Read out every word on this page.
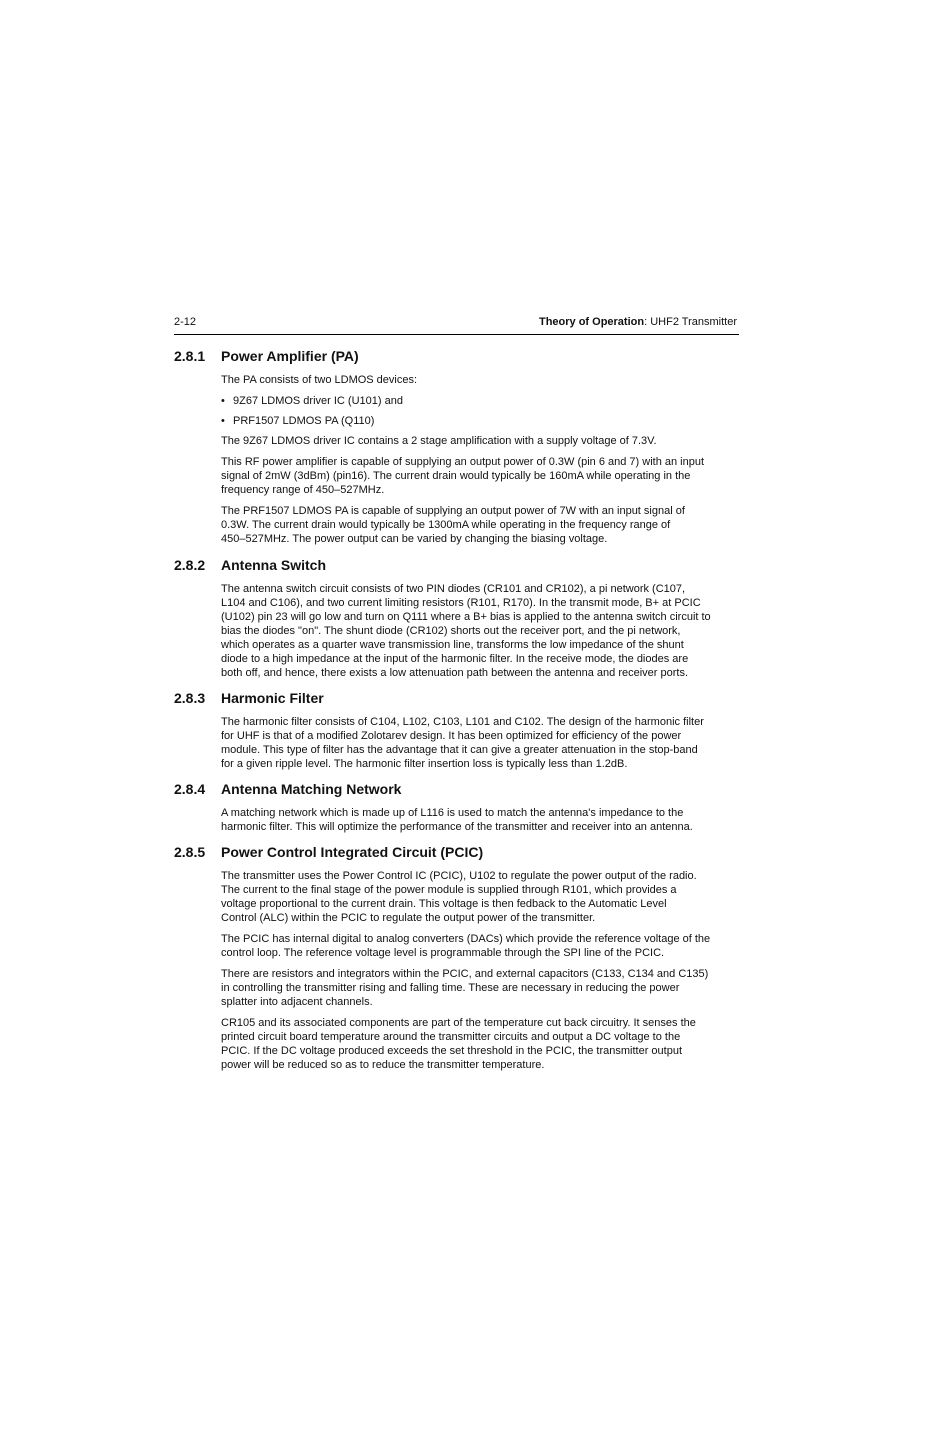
2-12	Theory of Operation: UHF2 Transmitter
2.8.1 Power Amplifier (PA)

The PA consists of two LDMOS devices:

• 9Z67 LDMOS driver IC (U101) and
• PRF1507 LDMOS PA (Q110)

The 9Z67 LDMOS driver IC contains a 2 stage amplification with a supply voltage of 7.3V.

This RF power amplifier is capable of supplying an output power of 0.3W (pin 6 and 7) with an input
signal of 2mW (3dBm) (pin16). The current drain would typically be 160mA while operating in the
frequency range of 450–527MHz.

The PRF1507 LDMOS PA is capable of supplying an output power of 7W with an input signal of
0.3W. The current drain would typically be 1300mA while operating in the frequency range of
450–527MHz. The power output can be varied by changing the biasing voltage.

2.8.2 Antenna Switch

The antenna switch circuit consists of two PIN diodes (CR101 and CR102), a pi network (C107,
L104 and C106), and two current limiting resistors (R101, R170). In the transmit mode, B+ at PCIC
(U102) pin 23 will go low and turn on Q111 where a B+ bias is applied to the antenna switch circuit to
bias the diodes "on". The shunt diode (CR102) shorts out the receiver port, and the pi network,
which operates as a quarter wave transmission line, transforms the low impedance of the shunt
diode to a high impedance at the input of the harmonic filter. In the receive mode, the diodes are
both off, and hence, there exists a low attenuation path between the antenna and receiver ports.

2.8.3 Harmonic Filter

The harmonic filter consists of C104, L102, C103, L101 and C102. The design of the harmonic filter
for UHF is that of a modified Zolotarev design. It has been optimized for efficiency of the power
module. This type of filter has the advantage that it can give a greater attenuation in the stop-band
for a given ripple level. The harmonic filter insertion loss is typically less than 1.2dB.

2.8.4 Antenna Matching Network

A matching network which is made up of L116 is used to match the antenna's impedance to the
harmonic filter. This will optimize the performance of the transmitter and receiver into an antenna.

2.8.5 Power Control Integrated Circuit (PCIC)

The transmitter uses the Power Control IC (PCIC), U102 to regulate the power output of the radio.
The current to the final stage of the power module is supplied through R101, which provides a
voltage proportional to the current drain. This voltage is then fedback to the Automatic Level
Control (ALC) within the PCIC to regulate the output power of the transmitter.

The PCIC has internal digital to analog converters (DACs) which provide the reference voltage of the
control loop. The reference voltage level is programmable through the SPI line of the PCIC.

There are resistors and integrators within the PCIC, and external capacitors (C133, C134 and C135)
in controlling the transmitter rising and falling time. These are necessary in reducing the power
splatter into adjacent channels.

CR105 and its associated components are part of the temperature cut back circuitry. It senses the
printed circuit board temperature around the transmitter circuits and output a DC voltage to the
PCIC. If the DC voltage produced exceeds the set threshold in the PCIC, the transmitter output
power will be reduced so as to reduce the transmitter temperature.
